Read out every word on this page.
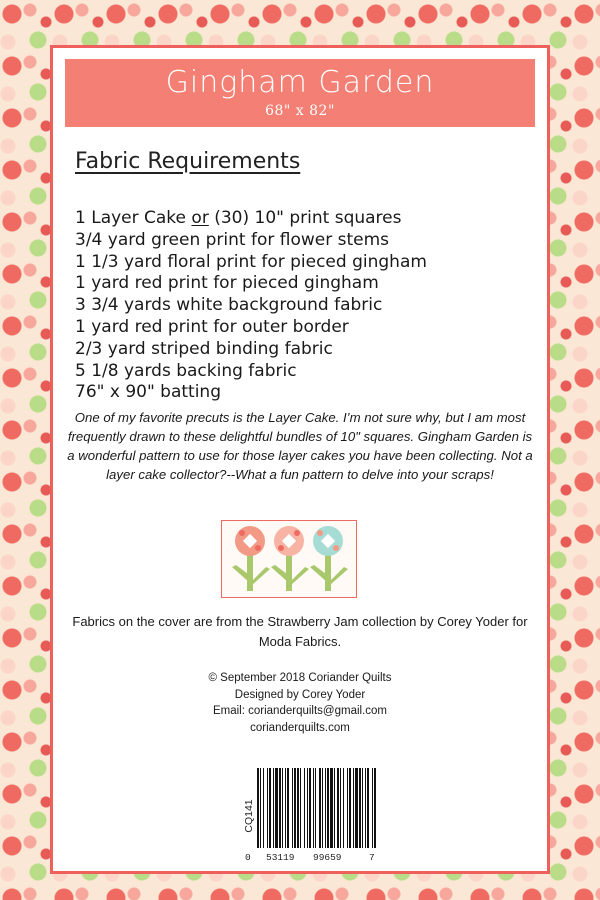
Gingham Garden
68" x 82"
Fabric Requirements
1 Layer Cake or (30) 10" print squares
3/4 yard green print for flower stems
1 1/3 yard floral print for pieced gingham
1 yard red print for pieced gingham
3 3/4 yards white background fabric
1 yard red print for outer border
2/3 yard striped binding fabric
5 1/8 yards backing fabric
76" x 90" batting
One of my favorite precuts is the Layer Cake. I’m not sure why, but I am most frequently drawn to these delightful bundles of 10" squares. Gingham Garden is a wonderful pattern to use for those layer cakes you have been collecting. Not a layer cake collector?--What a fun pattern to delve into your scraps!
Fabrics on the cover are from the Strawberry Jam collection by Corey Yoder for Moda Fabrics.
© September 2018 Coriander Quilts
Designed by Corey Yoder
Email: corianderquilts@gmail.com
corianderquilts.com
CQ141
0 53119 99659	7
